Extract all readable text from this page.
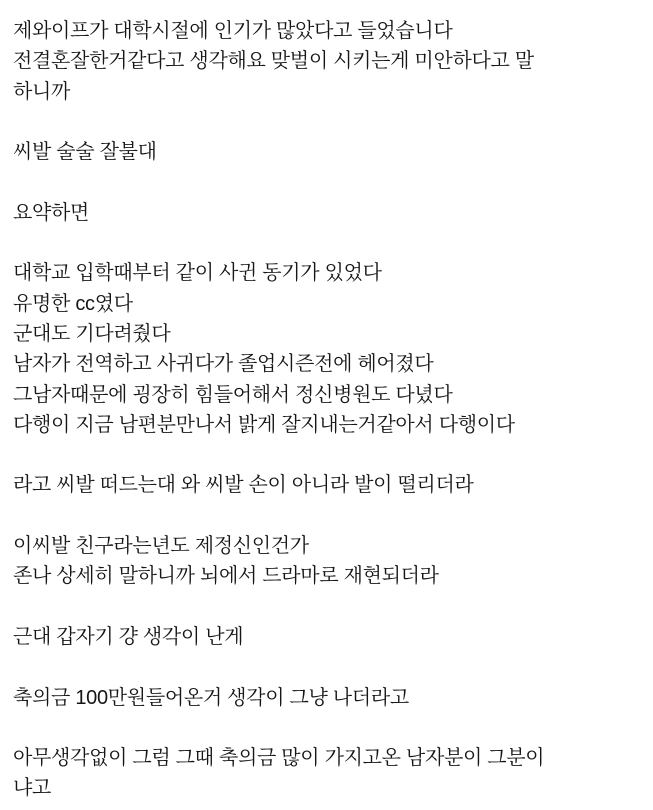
제와이프가 대학시절에 인기가 많았다고 들었습니다
전결혼잘한거같다고 생각해요 맞벌이 시키는게 미안하다고 말
하니까

씨발 술술 잘불대

요약하면

대학교 입학때부터 같이 사귄 동기가 있었다
유명한 cc였다
군대도 기다려줬다
남자가 전역하고 사귀다가 졸업시즌전에 헤어졌다
그남자때문에 굉장히 힘들어해서 정신병원도 다녔다
다행이 지금 남편분만나서 밝게 잘지내는거같아서 다행이다

라고 씨발 떠드는대 와 씨발 손이 아니라 발이 떨리더라

이씨발 친구라는년도 제정신인건가
존나 상세히 말하니까 뇌에서 드라마로 재현되더라

근대 갑자기 걍 생각이 난게

축의금 100만원들어온거 생각이 그냥 나더라고

아무생각없이 그럼 그때 축의금 많이 가지고온 남자분이 그분이
냐고
